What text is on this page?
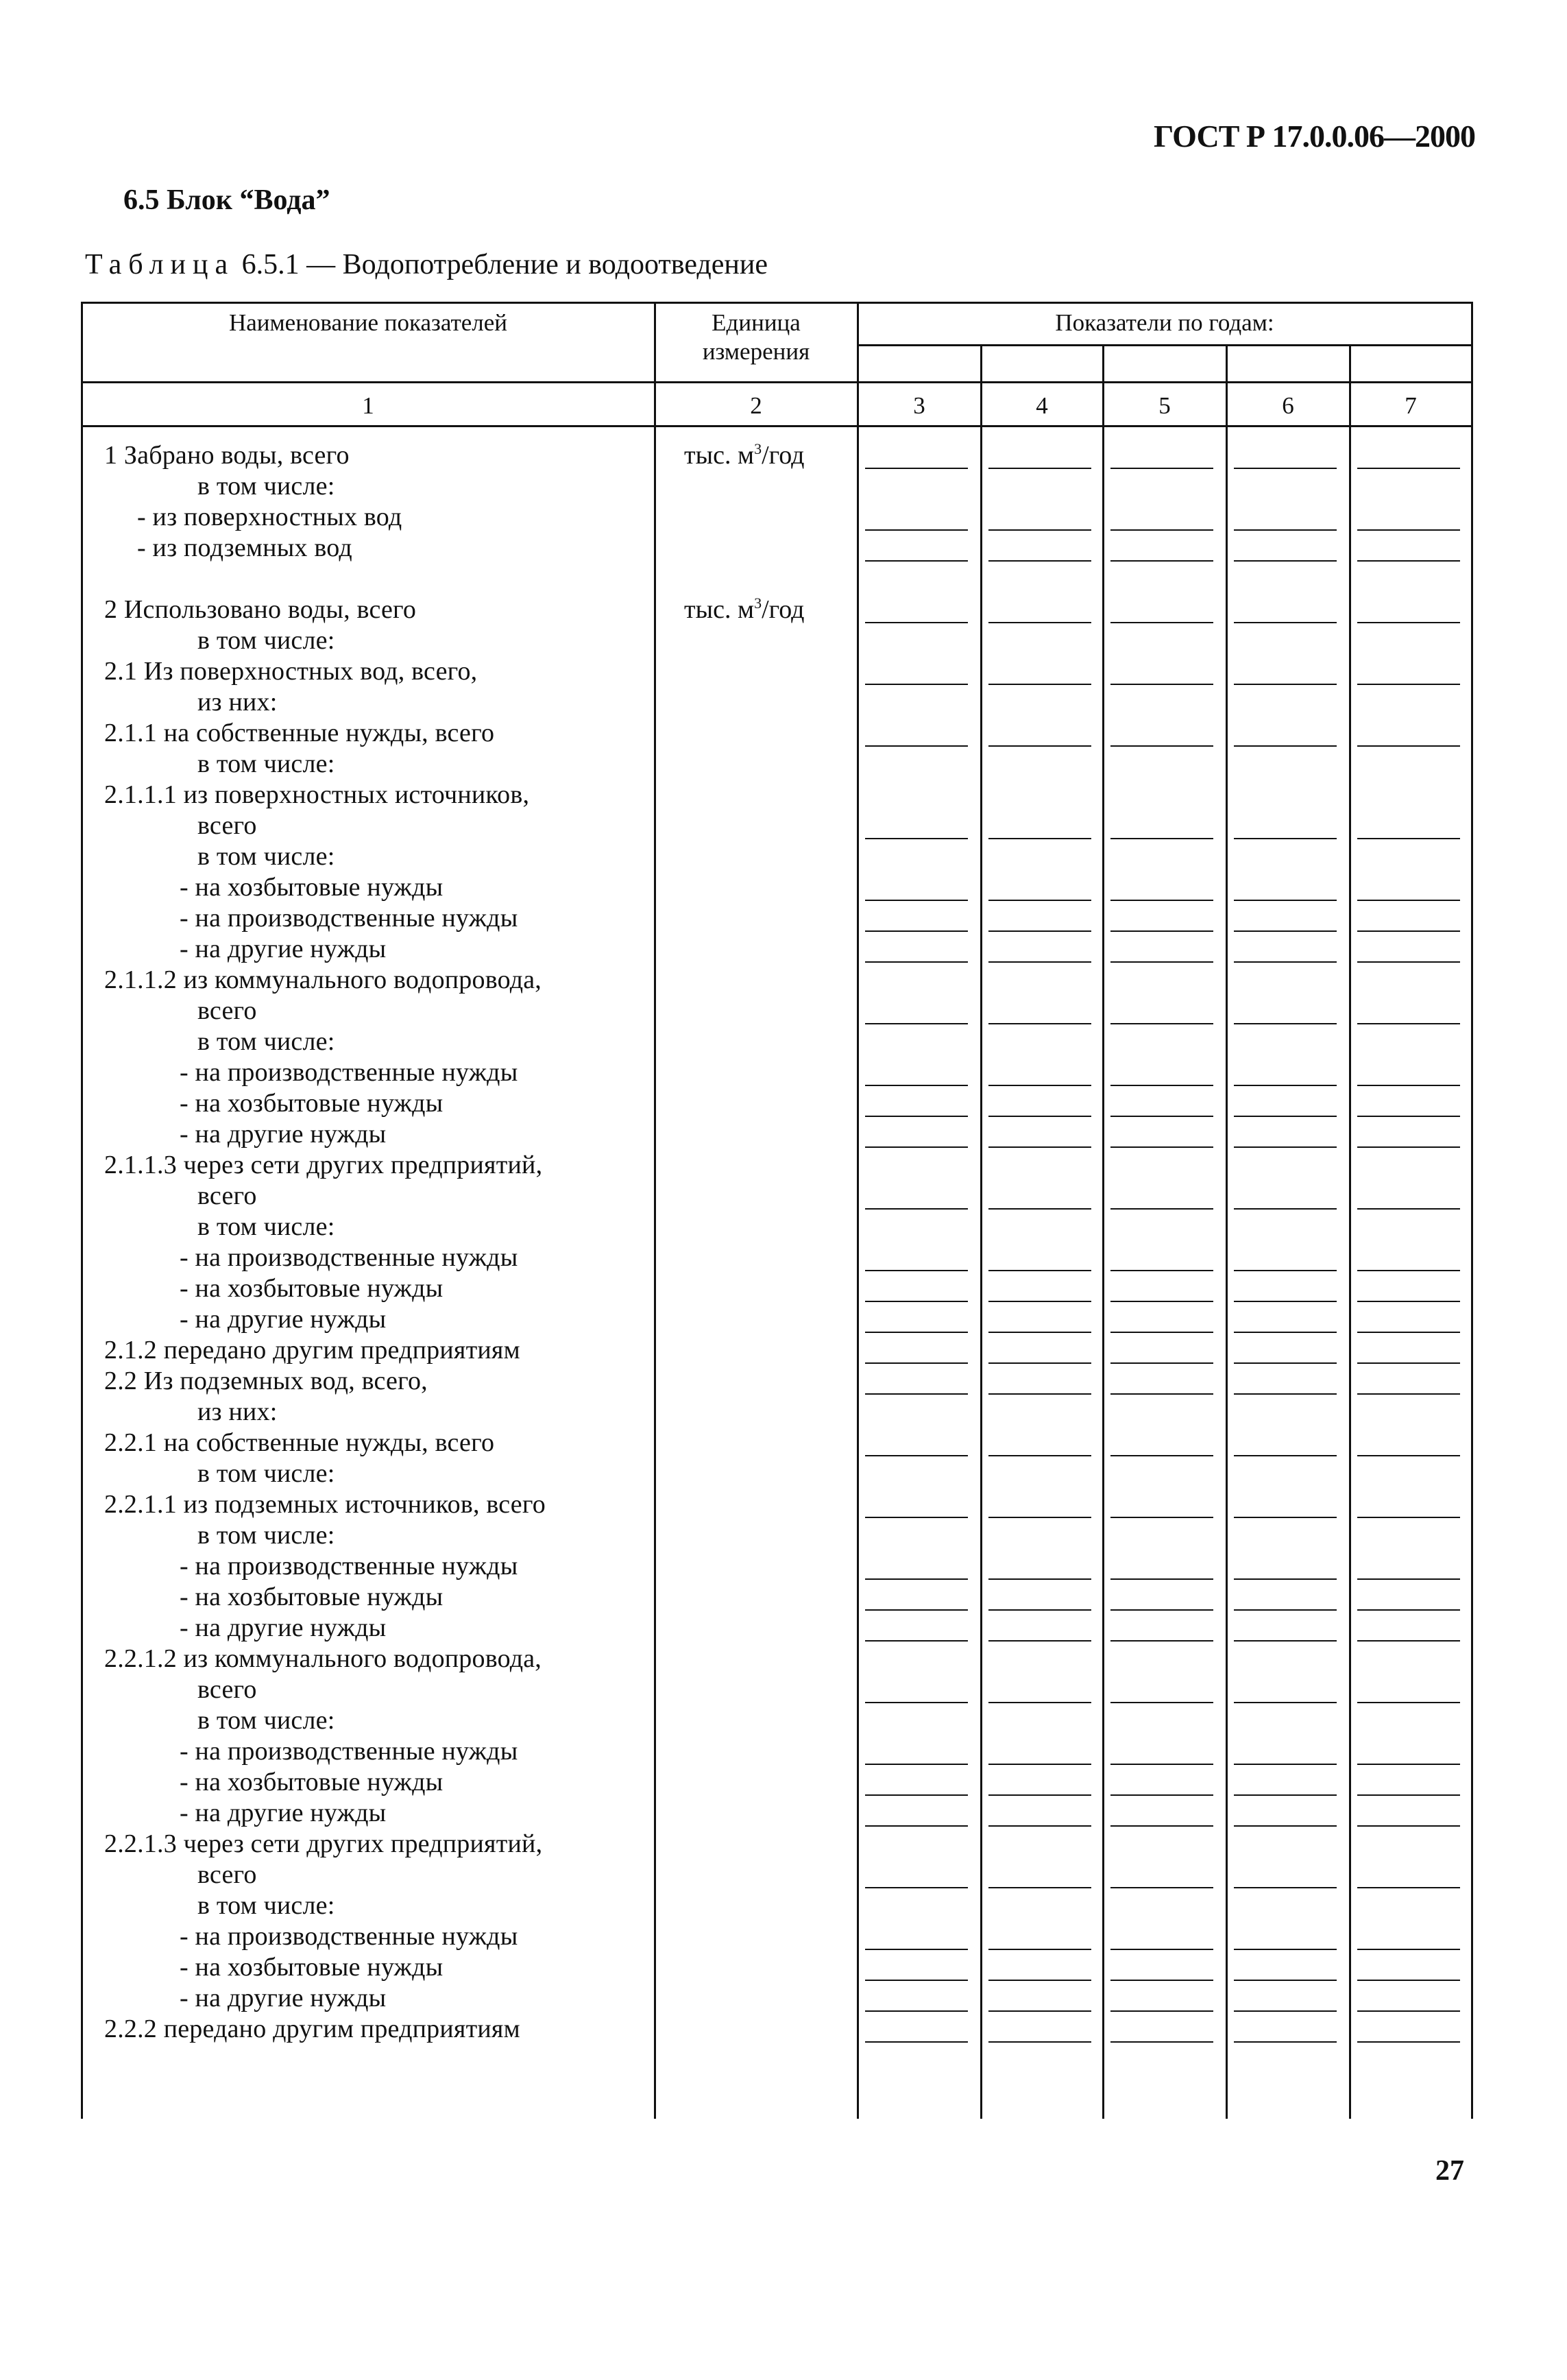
ГОСТ Р 17.0.0.06—2000
6.5 Блок “Вода”
Таблица 6.5.1 — Водопотребление и водоотведение
Наименование показателей	Единица
измерения
Показатели по годам:
1	2	3	4	5	6	7
1 Забрано воды, всего	тыс. $м^3$/год
в том числе:
- из поверхностных вод
- из подземных вод
2 Использовано воды, всего	тыс. $м^3$/год
в том числе:
2.1 Из поверхностных вод, всего,
из них:
2.1.1 на собственные нужды, всего
в том числе:
2.1.1.1 из поверхностных источников,
всего
в том числе:
- на хозбытовые нужды
- на производственные нужды
- на другие нужды
2.1.1.2 из коммунального водопровода,
всего
в том числе:
- на производственные нужды
- на хозбытовые нужды
- на другие нужды
2.1.1.3 через сети других предприятий,
всего
в том числе:
- на производственные нужды
- на хозбытовые нужды
- на другие нужды
2.1.2 передано другим предприятиям
2.2 Из подземных вод, всего,
из них:
2.2.1 на собственные нужды, всего
в том числе:
2.2.1.1 из подземных источников, всего
в том числе:
- на производственные нужды
- на хозбытовые нужды
- на другие нужды
2.2.1.2 из коммунального водопровода,
всего
в том числе:
- на производственные нужды
- на хозбытовые нужды
- на другие нужды
2.2.1.3 через сети других предприятий,
всего
в том числе:
- на производственные нужды
- на хозбытовые нужды
- на другие нужды
2.2.2 передано другим предприятиям
27
